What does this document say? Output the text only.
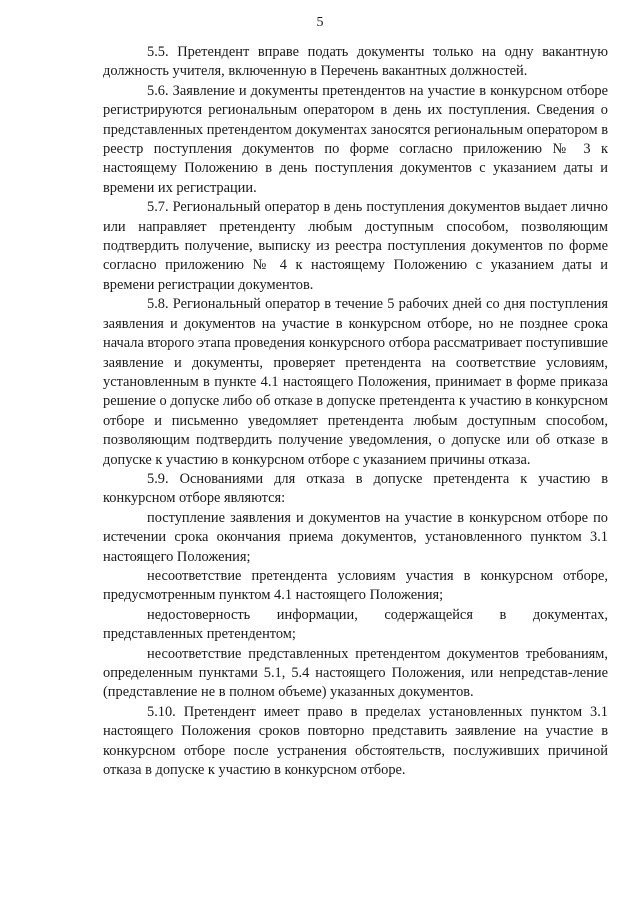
5

5.5. Претендент вправе подать документы только на одну вакантную должность учителя, включенную в Перечень вакантных должностей.

5.6. Заявление и документы претендентов на участие в конкурсном отборе регистрируются региональным оператором в день их поступления. Сведения о представленных претендентом документах заносятся региональным оператором в реестр поступления документов по форме согласно приложению № 3 к настоящему Положению в день поступления документов с указанием даты и времени их регистрации.

5.7. Региональный оператор в день поступления документов выдает лично или направляет претенденту любым доступным способом, позволяющим подтвердить получение, выписку из реестра поступления документов по форме согласно приложению № 4 к настоящему Положению с указанием даты и времени регистрации документов.

5.8. Региональный оператор в течение 5 рабочих дней со дня поступления заявления и документов на участие в конкурсном отборе, но не позднее срока начала второго этапа проведения конкурсного отбора рассматривает поступившие заявление и документы, проверяет претендента на соответствие условиям, установленным в пункте 4.1 настоящего Положения, принимает в форме приказа решение о допуске либо об отказе в допуске претендента к участию в конкурсном отборе и письменно уведомляет претендента любым доступным способом, позволяющим подтвердить получение уведомления, о допуске или об отказе в допуске к участию в конкурсном отборе с указанием причины отказа.

5.9. Основаниями для отказа в допуске претендента к участию в конкурсном отборе являются:

поступление заявления и документов на участие в конкурсном отборе по истечении срока окончания приема документов, установленного пунктом 3.1 настоящего Положения;

несоответствие претендента условиям участия в конкурсном отборе, предусмотренным пунктом 4.1 настоящего Положения;

недостоверность информации, содержащейся в документах, представленных претендентом;

несоответствие представленных претендентом документов требованиям, определенным пунктами 5.1, 5.4 настоящего Положения, или непредстав-ление (представление не в полном объеме) указанных документов.

5.10. Претендент имеет право в пределах установленных пунктом 3.1 настоящего Положения сроков повторно представить заявление на участие в конкурсном отборе после устранения обстоятельств, послуживших причиной отказа в допуске к участию в конкурсном отборе.
